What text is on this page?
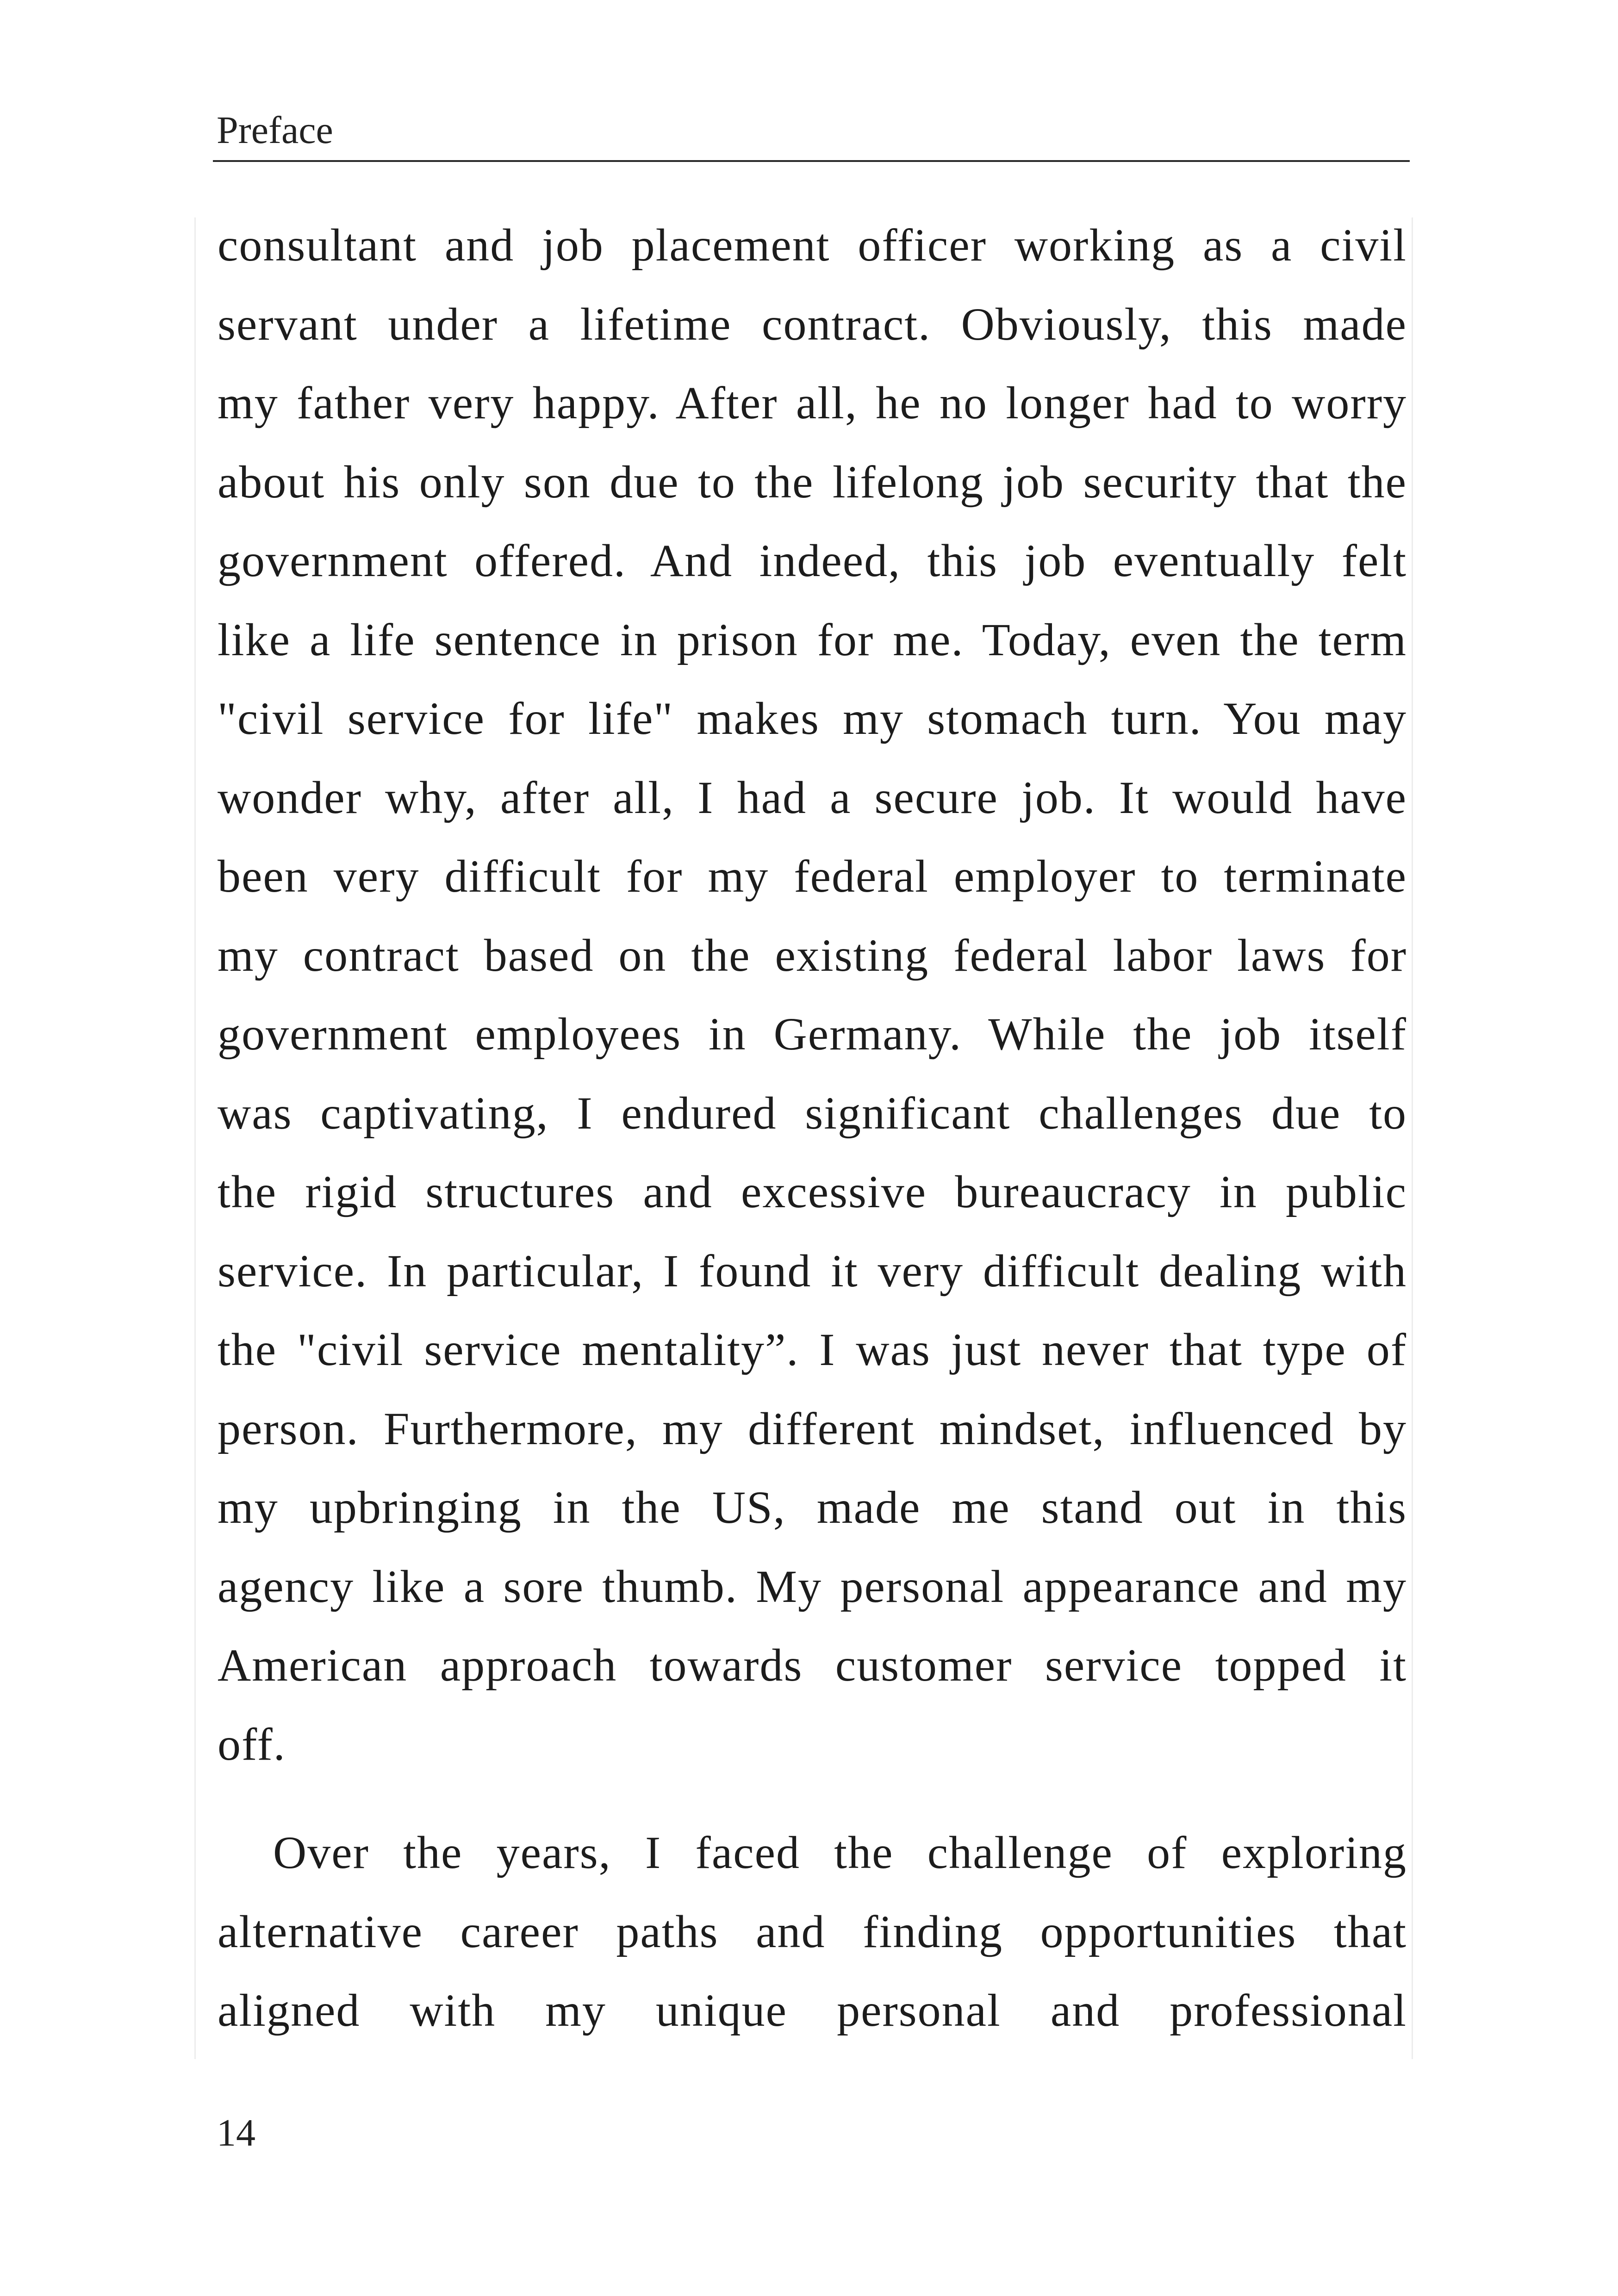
Preface
consultant and job placement officer working as a civil
servant under a lifetime contract. Obviously, this made
my father very happy. After all, he no longer had to worry
about his only son due to the lifelong job security that the
government offered. And indeed, this job eventually felt
like a life sentence in prison for me. Today, even the term
"civil service for life" makes my stomach turn. You may
wonder why, after all, I had a secure job. It would have
been very difficult for my federal employer to terminate
my contract based on the existing federal labor laws for
government employees in Germany. While the job itself
was captivating, I endured significant challenges due to
the rigid structures and excessive bureaucracy in public
service. In particular, I found it very difficult dealing with
the "civil service mentality”. I was just never that type of
person. Furthermore, my different mindset, influenced by
my upbringing in the US, made me stand out in this
agency like a sore thumb. My personal appearance and my
American approach towards customer service topped it
off.
Over the years, I faced the challenge of exploring
alternative career paths and finding opportunities that
aligned with my unique personal and professional
14
